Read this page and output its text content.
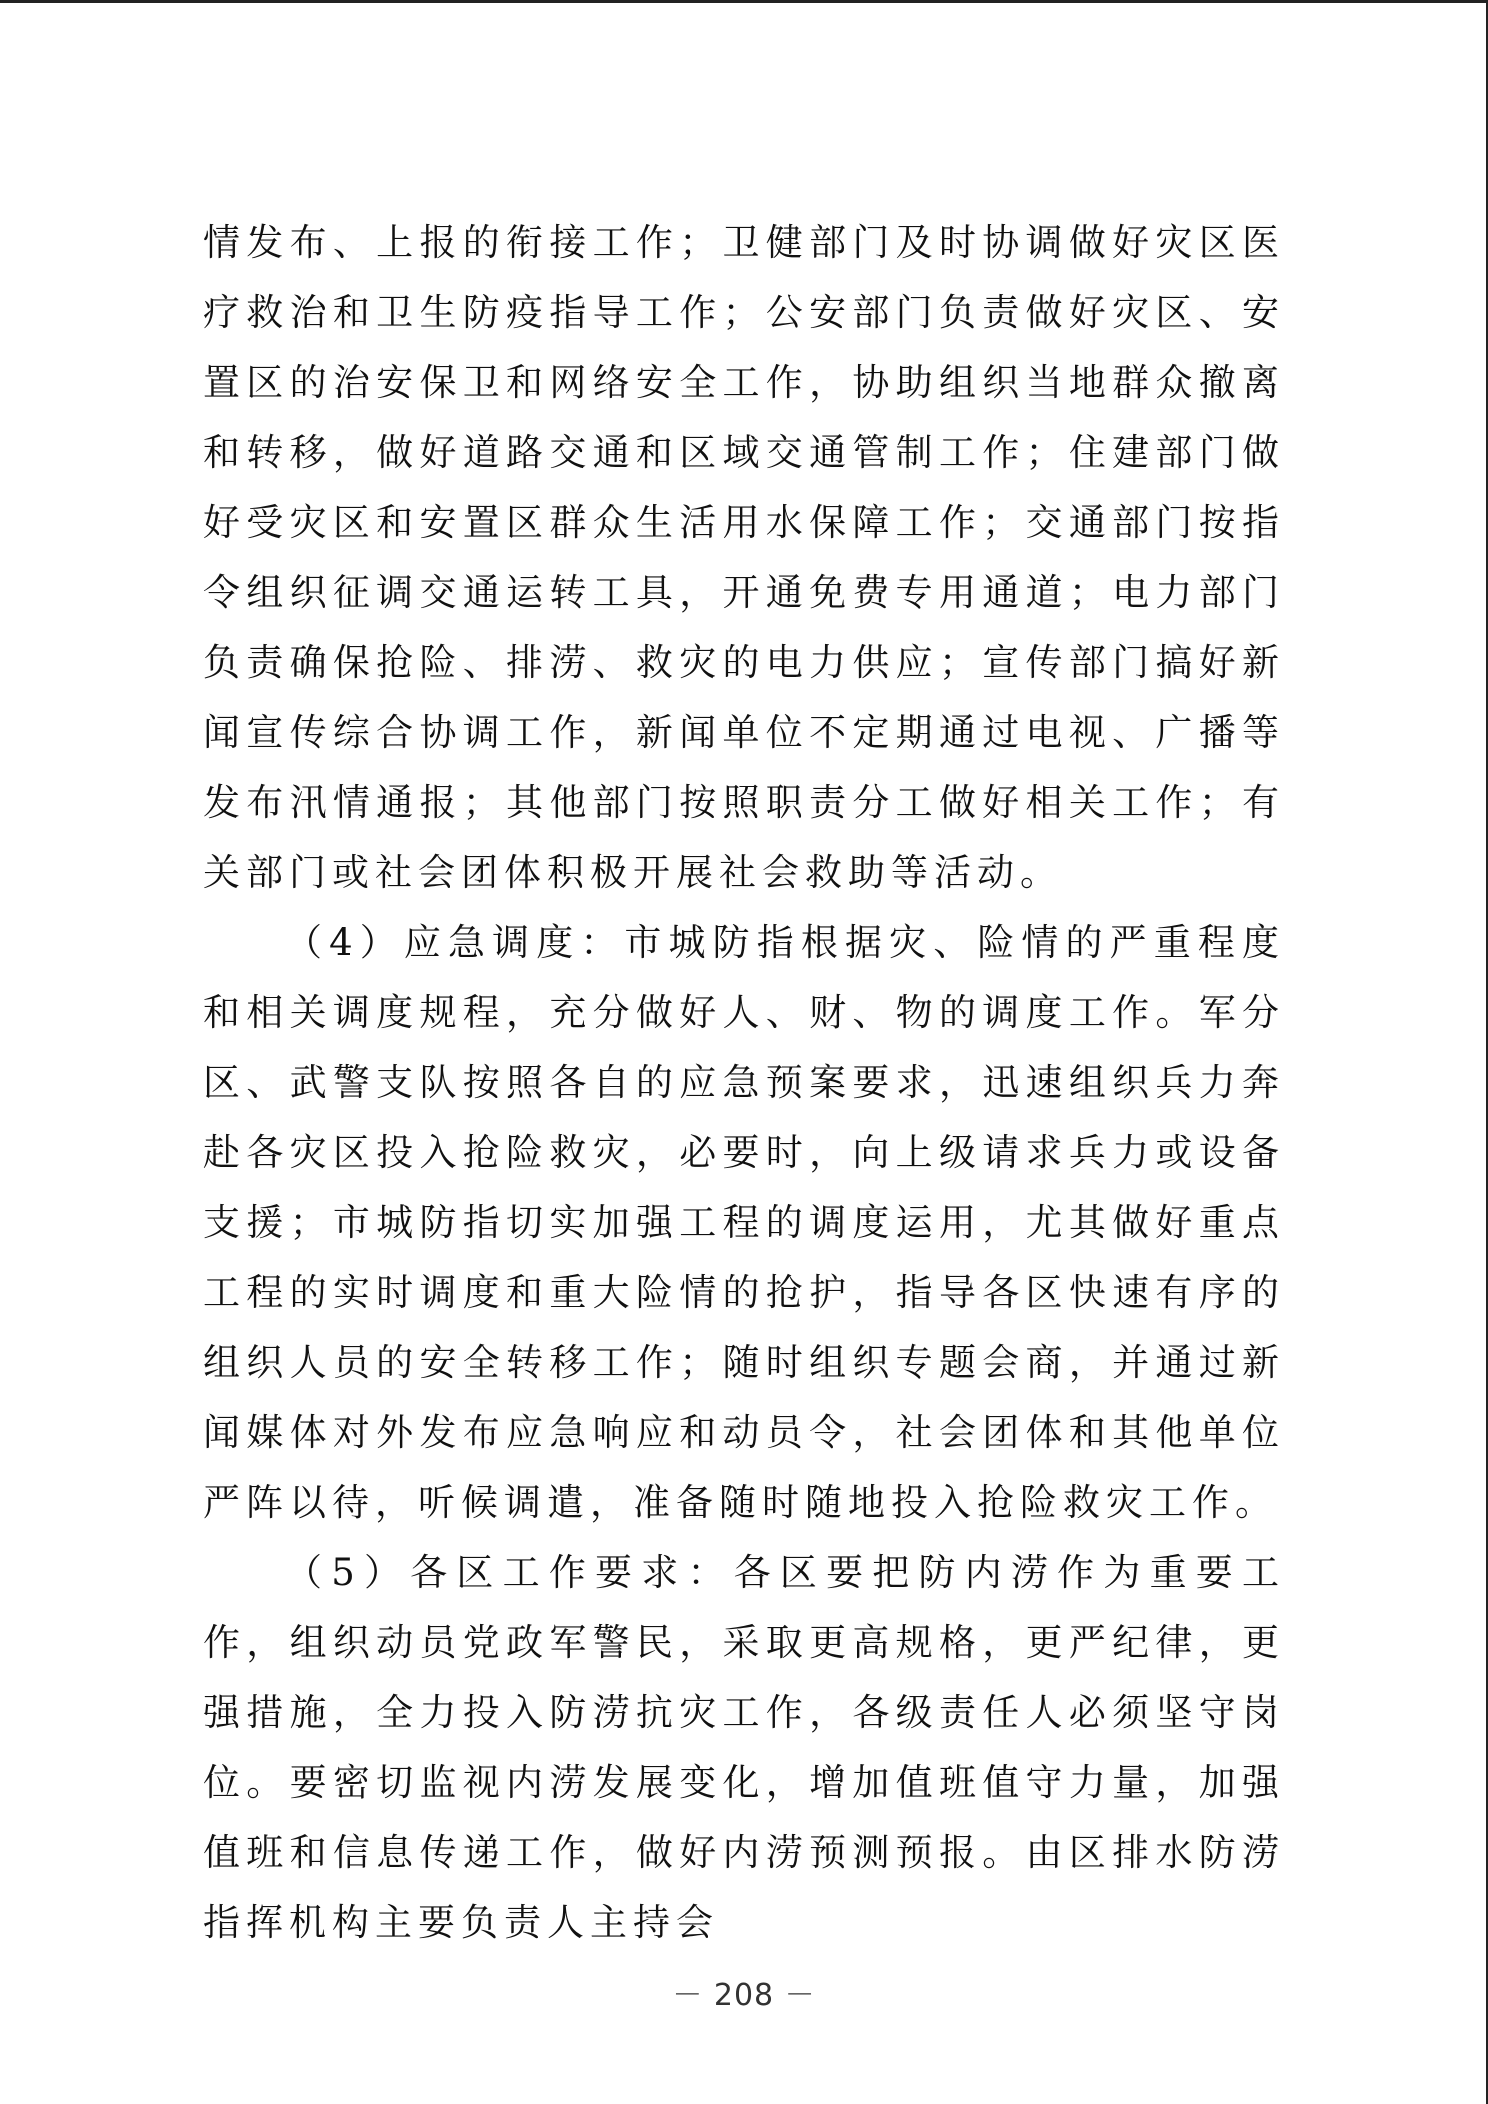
情发布、上报的衔接工作；卫健部门及时协调做好灾区医疗救治和卫生防疫指导工作；公安部门负责做好灾区、安置区的治安保卫和网络安全工作，协助组织当地群众撤离和转移，做好道路交通和区域交通管制工作；住建部门做好受灾区和安置区群众生活用水保障工作；交通部门按指令组织征调交通运转工具，开通免费专用通道；电力部门负责确保抢险、排涝、救灾的电力供应；宣传部门搞好新闻宣传综合协调工作，新闻单位不定期通过电视、广播等发布汛情通报；其他部门按照职责分工做好相关工作；有关部门或社会团体积极开展社会救助等活动。

（4）应急调度：市城防指根据灾、险情的严重程度和相关调度规程，充分做好人、财、物的调度工作。军分区、武警支队按照各自的应急预案要求，迅速组织兵力奔赴各灾区投入抢险救灾，必要时，向上级请求兵力或设备支援；市城防指切实加强工程的调度运用，尤其做好重点工程的实时调度和重大险情的抢护，指导各区快速有序的组织人员的安全转移工作；随时组织专题会商，并通过新闻媒体对外发布应急响应和动员令，社会团体和其他单位严阵以待，听候调遣，准备随时随地投入抢险救灾工作。

（5）各区工作要求：各区要把防内涝作为重要工作，组织动员党政军警民，采取更高规格，更严纪律，更强措施，全力投入防涝抗灾工作，各级责任人必须坚守岗位。要密切监视内涝发展变化，增加值班值守力量，加强值班和信息传递工作，做好内涝预测预报。由区排水防涝指挥机构主要负责人主持会

－ 208 －
